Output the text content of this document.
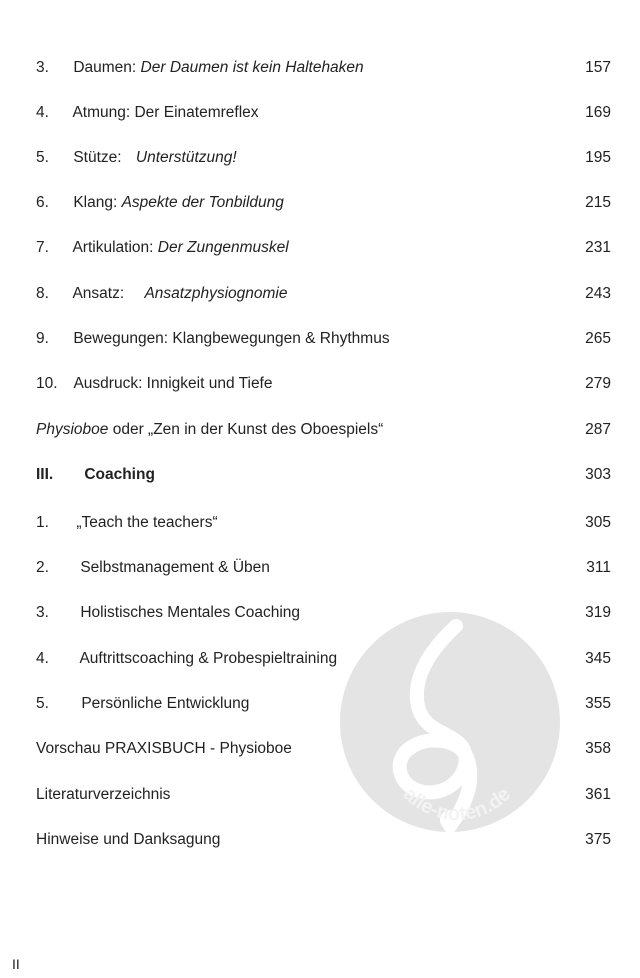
alle-noten.de
3. Daumen: Der Daumen ist kein Haltehaken	157
4. Atmung: Der Einatemreflex	169
5. Stütze: Unterstützung!	195
6. Klang: Aspekte der Tonbildung	215
7. Artikulation: Der Zungenmuskel	231
8. Ansatz: Ansatzphysiognomie	243
9. Bewegungen: Klangbewegungen & Rhythmus	265
10. Ausdruck: Innigkeit und Tiefe	279
Physioboe oder „Zen in der Kunst des Oboespiels“	287
III. Coaching	303
1. „Teach the teachers“	305
2. Selbstmanagement & Üben	311
3. Holistisches Mentales Coaching	319
4. Auftrittscoaching & Probespieltraining	345
5. Persönliche Entwicklung	355
Vorschau PRAXISBUCH - Physioboe	358
Literaturverzeichnis	361
Hinweise und Danksagung	375
II
